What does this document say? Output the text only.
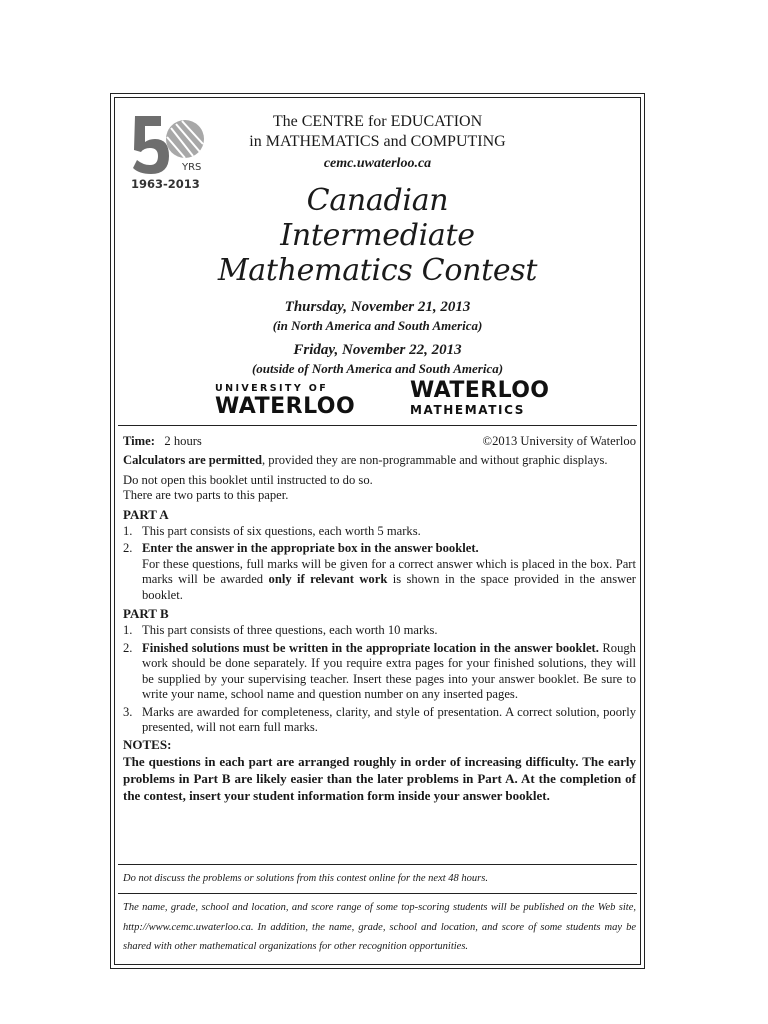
YRS
1963-2013
The CENTRE for EDUCATION
in MATHEMATICS and COMPUTING
cemc.uwaterloo.ca
Canadian
Intermediate
Mathematics Contest
Thursday, November 21, 2013
(in North America and South America)
Friday, November 22, 2013
(outside of North America and South America)
UNIVERSITY OF
WATERLOO
WATERLOO
MATHEMATICS
Time: 2 hours	©2013 University of Waterloo
Calculators are permitted, provided they are non-programmable and without graphic displays.
Do not open this booklet until instructed to do so.
There are two parts to this paper.
PART A
1. This part consists of six questions, each worth 5 marks.
2. Enter the answer in the appropriate box in the answer booklet.
For these questions, full marks will be given for a correct answer which is placed in the box. Part marks will be awarded only if relevant work is shown in the space provided in the answer booklet.
PART B
1. This part consists of three questions, each worth 10 marks.
2. Finished solutions must be written in the appropriate location in the answer booklet. Rough work should be done separately. If you require extra pages for your finished solutions, they will be supplied by your supervising teacher. Insert these pages into your answer booklet. Be sure to write your name, school name and question number on any inserted pages.
3. Marks are awarded for completeness, clarity, and style of presentation. A correct solution, poorly presented, will not earn full marks.
NOTES:
The questions in each part are arranged roughly in order of increasing difficulty. The early problems in Part B are likely easier than the later problems in Part A. At the completion of the contest, insert your student information form inside your answer booklet.
Do not discuss the problems or solutions from this contest online for the next 48 hours.
The name, grade, school and location, and score range of some top-scoring students will be published on the Web site, http://www.cemc.uwaterloo.ca. In addition, the name, grade, school and location, and score of some students may be shared with other mathematical organizations for other recognition opportunities.
